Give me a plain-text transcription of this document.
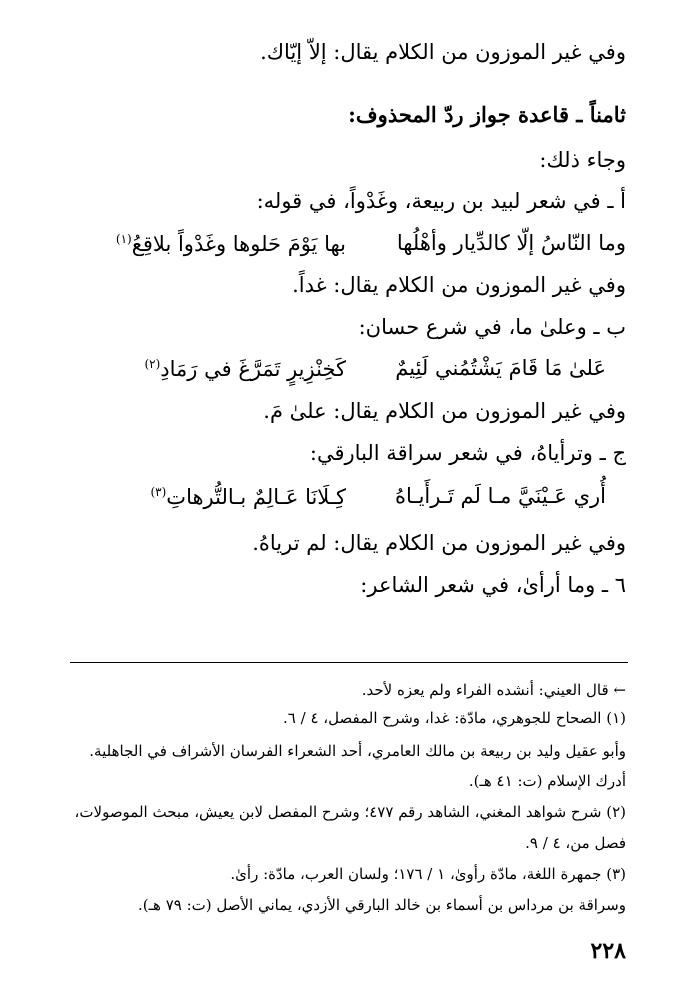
وفي غير الموزون من الكلام يقال: إلاّ إيّاك.
ثامناً ـ قاعدة جواز ردّ المحذوف:
وجاء ذلك:
أ ـ في شعر لبيد بن ربيعة، وغَدْواً، في قوله:
وما النّاسُ إلّا كالدِّيار وأهْلُها
بها يَوْمَ حَلوها وغَدْواً بلاقِعُ$^{(١)}$
وفي غير الموزون من الكلام يقال: غداً.
ب ـ وعلىٰ ما، في شرع حسان:
عَلىٰ مَا قَامَ يَشْتُمُني لَئِيمٌ
كَخِنْزِيرٍ تَمَرَّغَ في رَمَادِ$^{(٢)}$
وفي غير الموزون من الكلام يقال: علىٰ مَ.
ج ـ وترأياهُ، في شعر سراقة البارقي:
أُري عَـيْنَيَّ مـا لَم تَـرأَيـاهُ
كِـلَانَا عَـالِمٌ بـالتُّرهاتِ$^{(٣)}$
وفي غير الموزون من الكلام يقال: لم ترياهُ.
٦ ـ وما أرأىٰ، في شعر الشاعر:
← قال العيني: أنشده الفراء ولم يعزه لأحد.
(١) الصحاح للجوهري، مادّة: غدا، وشرح المفصل، ٤ / ٦.
وأبو عقيل وليد بن ربيعة بن مالك العامري، أحد الشعراء الفرسان الأشراف في الجاهلية.
أدرك الإسلام (ت: ٤١ هـ).
(٢) شرح شواهد المغني، الشاهد رقم ٤٧٧؛ وشرح المفصل لابن يعيش، مبحث الموصولات،
فصل من، ٤ / ٩.
(٣) جمهرة اللغة، مادّة رأوىٰ، ١ / ١٧٦؛ ولسان العرب، مادّة: رأىٰ.
وسراقة بن مرداس بن أسماء بن خالد البارقي الأزدي، يماني الأصل (ت: ٧٩ هـ).
٢٢٨
